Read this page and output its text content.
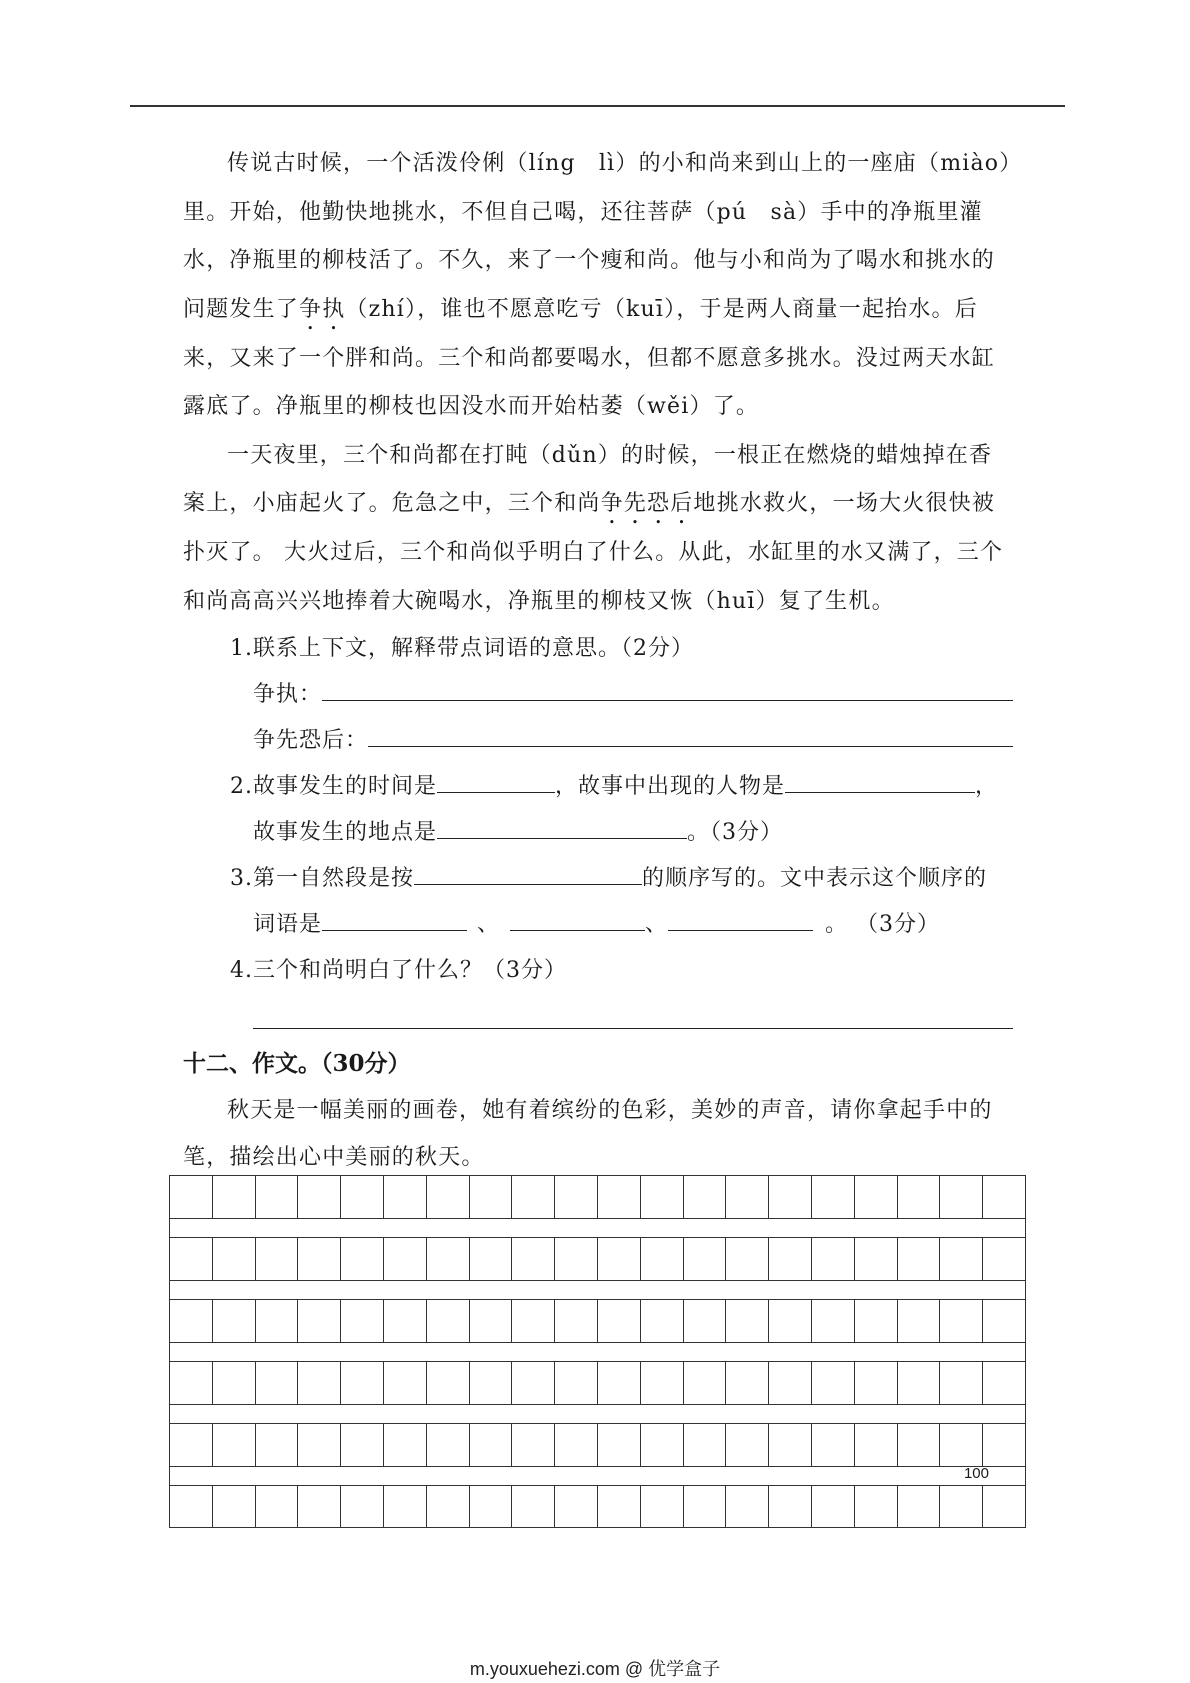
传说古时候，一个活泼伶俐（líng　lì）的小和尚来到山上的一座庙（miào）里。开始，他勤快地挑水，不但自己喝，还往菩萨（pú　sà）手中的净瓶里灌水，净瓶里的柳枝活了。不久，来了一个瘦和尚。他与小和尚为了喝水和挑水的问题发生了争执（zhí），谁也不愿意吃亏（kuī），于是两人商量一起抬水。后来，又来了一个胖和尚。三个和尚都要喝水，但都不愿意多挑水。没过两天水缸露底了。净瓶里的柳枝也因没水而开始枯萎（wěi）了。

一天夜里，三个和尚都在打盹（dǔn）的时候，一根正在燃烧的蜡烛掉在香案上，小庙起火了。危急之中，三个和尚争先恐后地挑水救火，一场大火很快被扑灭了。 大火过后，三个和尚似乎明白了什么。从此，水缸里的水又满了，三个和尚高高兴兴地捧着大碗喝水，净瓶里的柳枝又恢（huī）复了生机。

1.联系上下文，解释带点词语的意思。（2分）

争执：

争先恐后：

2.故事发生的时间是	，故事中出现的人物是	，

故事发生的地点是	。（3分）

3.第一自然段是按	的顺序写的。文中表示这个顺序的

词语是	、	、	。 （3分）

4.三个和尚明白了什么？（3分）

十二、作文。（30分）

秋天是一幅美丽的画卷，她有着缤纷的色彩，美妙的声音，请你拿起手中的笔，描绘出心中美丽的秋天。

100
m.youxuehezi.com @ 优学盒子
